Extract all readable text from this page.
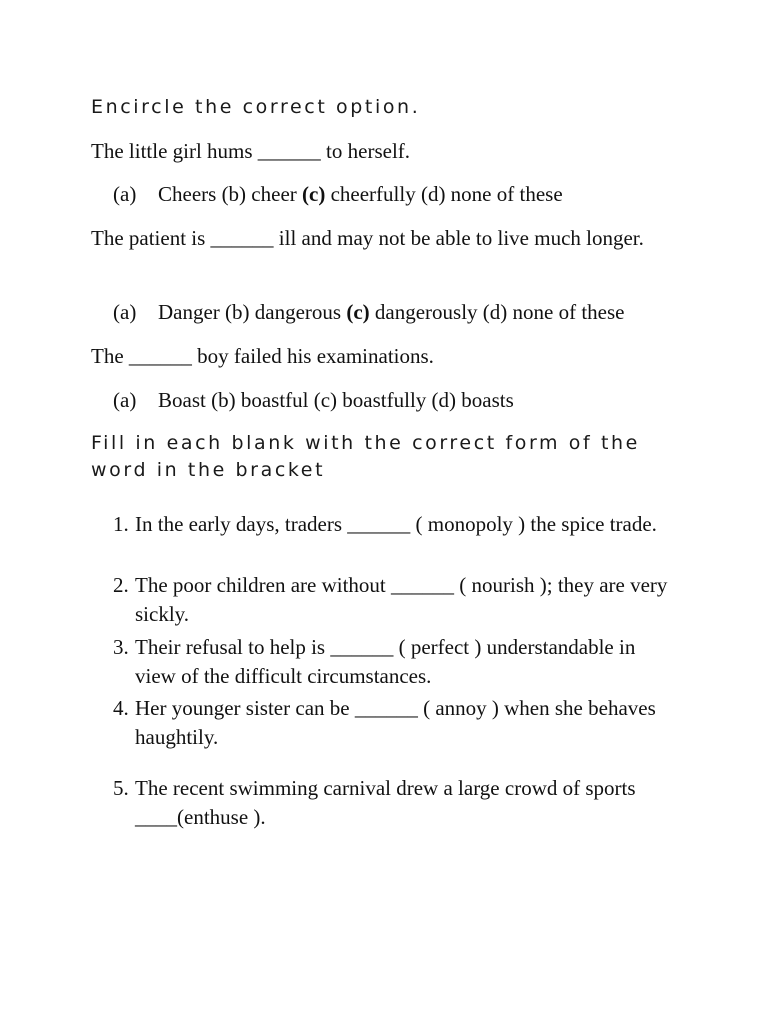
Encircle the correct option.

The little girl hums ______ to herself.

(a) Cheers (b) cheer (c) cheerfully (d) none of these

The patient is ______ ill and may not be able to live much longer.

(a) Danger (b) dangerous (c) dangerously (d) none of these

The ______ boy failed his examinations.

(a) Boast (b) boastful (c) boastfully (d) boasts

Fill in each blank with the correct form of the word in the bracket
1. In the early days, traders ______ ( monopoly ) the spice trade.
2. The poor children are without ______ ( nourish ); they are very sickly.
3. Their refusal to help is ______ ( perfect ) understandable in view of the difficult circumstances.
4. Her younger sister can be ______ ( annoy ) when she behaves haughtily.
5. The recent swimming carnival drew a large crowd of sports ____(enthuse ).
